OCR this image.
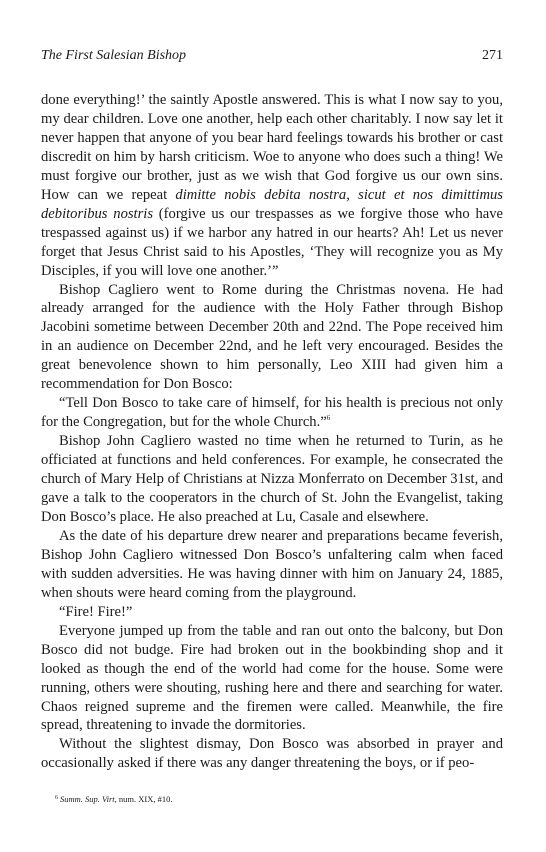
The First Salesian Bishop	271

done everything!’ the saintly Apostle answered. This is what I now say to you, my dear children. Love one another, help each other charitably. I now say let it never happen that anyone of you bear hard feelings towards his brother or cast discredit on him by harsh criticism. Woe to anyone who does such a thing! We must forgive our brother, just as we wish that God forgive us our own sins. How can we repeat dimitte nobis debita nostra, sicut et nos dimittimus debitoribus nostris (forgive us our trespasses as we forgive those who have trespassed against us) if we harbor any hatred in our hearts? Ah! Let us never forget that Jesus Christ said to his Apostles, ‘They will recognize you as My Disciples, if you will love one another.’”

Bishop Cagliero went to Rome during the Christmas novena. He had already arranged for the audience with the Holy Father through Bishop Jacobini sometime between December 20th and 22nd. The Pope received him in an audience on December 22nd, and he left very encouraged. Besides the great benevolence shown to him personally, Leo XIII had given him a recommendation for Don Bosco:

“Tell Don Bosco to take care of himself, for his health is precious not only for the Congregation, but for the whole Church.”$^6$

Bishop John Cagliero wasted no time when he returned to Turin, as he officiated at functions and held conferences. For example, he consecrated the church of Mary Help of Christians at Nizza Monferrato on December 31st, and gave a talk to the cooperators in the church of St. John the Evangelist, taking Don Bosco’s place. He also preached at Lu, Casale and elsewhere.

As the date of his departure drew nearer and preparations became feverish, Bishop John Cagliero witnessed Don Bosco’s unfaltering calm when faced with sudden adversities. He was having dinner with him on January 24, 1885, when shouts were heard coming from the playground.

“Fire! Fire!”

Everyone jumped up from the table and ran out onto the balcony, but Don Bosco did not budge. Fire had broken out in the bookbinding shop and it looked as though the end of the world had come for the house. Some were running, others were shouting, rushing here and there and searching for water. Chaos reigned supreme and the firemen were called. Meanwhile, the fire spread, threatening to invade the dormitories.

Without the slightest dismay, Don Bosco was absorbed in prayer and occasionally asked if there was any danger threatening the boys, or if peo-

$^6$ Summ. Sup. Virt, num. XIX, #10.
